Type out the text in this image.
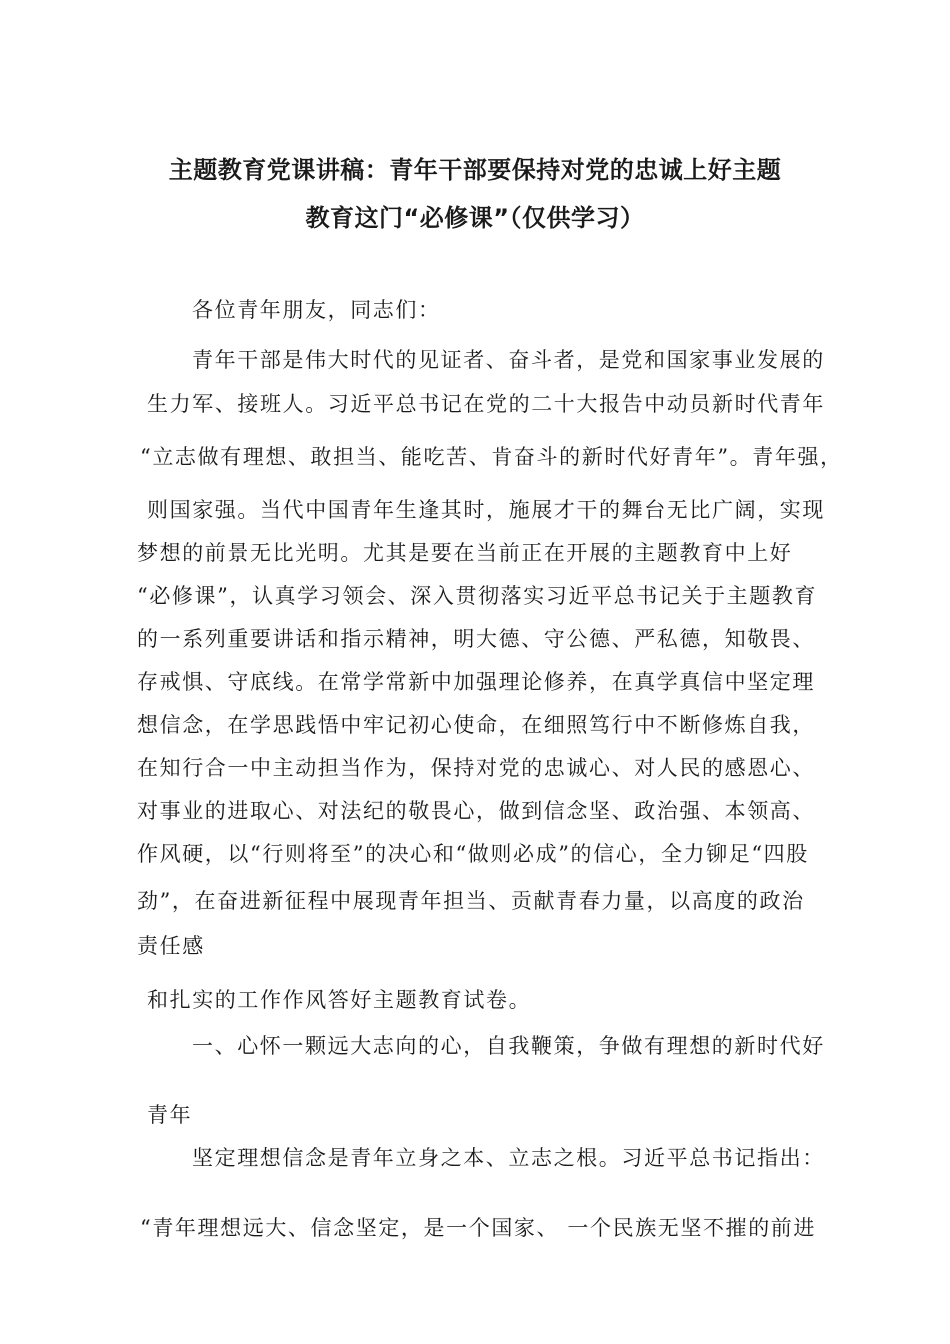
主题教育党课讲稿：青年干部要保持对党的忠诚上好主题
教育这门“必修课”（仅供学习）
各位青年朋友，同志们：
青年干部是伟大时代的见证者、奋斗者，是党和国家事业发展的
生力军、接班人。习近平总书记在党的二十大报告中动员新时代青年
“立志做有理想、敢担当、能吃苦、肯奋斗的新时代好青年”。青年强，
则国家强。当代中国青年生逢其时，施展才干的舞台无比广阔，实现
梦想的前景无比光明。尤其是要在当前正在开展的主题教育中上好
“必修课”，认真学习领会、深入贯彻落实习近平总书记关于主题教育
的一系列重要讲话和指示精神，明大德、守公德、严私德，知敬畏、
存戒惧、守底线。在常学常新中加强理论修养，在真学真信中坚定理
想信念，在学思践悟中牢记初心使命，在细照笃行中不断修炼自我，
在知行合一中主动担当作为，保持对党的忠诚心、对人民的感恩心、
对事业的进取心、对法纪的敬畏心，做到信念坚、政治强、本领高、
作风硬，以“行则将至”的决心和“做则必成”的信心，全力铆足“四股
劲”，在奋进新征程中展现青年担当、贡献青春力量，以高度的政治
责任感
和扎实的工作作风答好主题教育试卷。
一、心怀一颗远大志向的心，自我鞭策，争做有理想的新时代好
青年
坚定理想信念是青年立身之本、立志之根。习近平总书记指出：
“青年理想远大、信念坚定，是一个国家、 一个民族无坚不摧的前进
